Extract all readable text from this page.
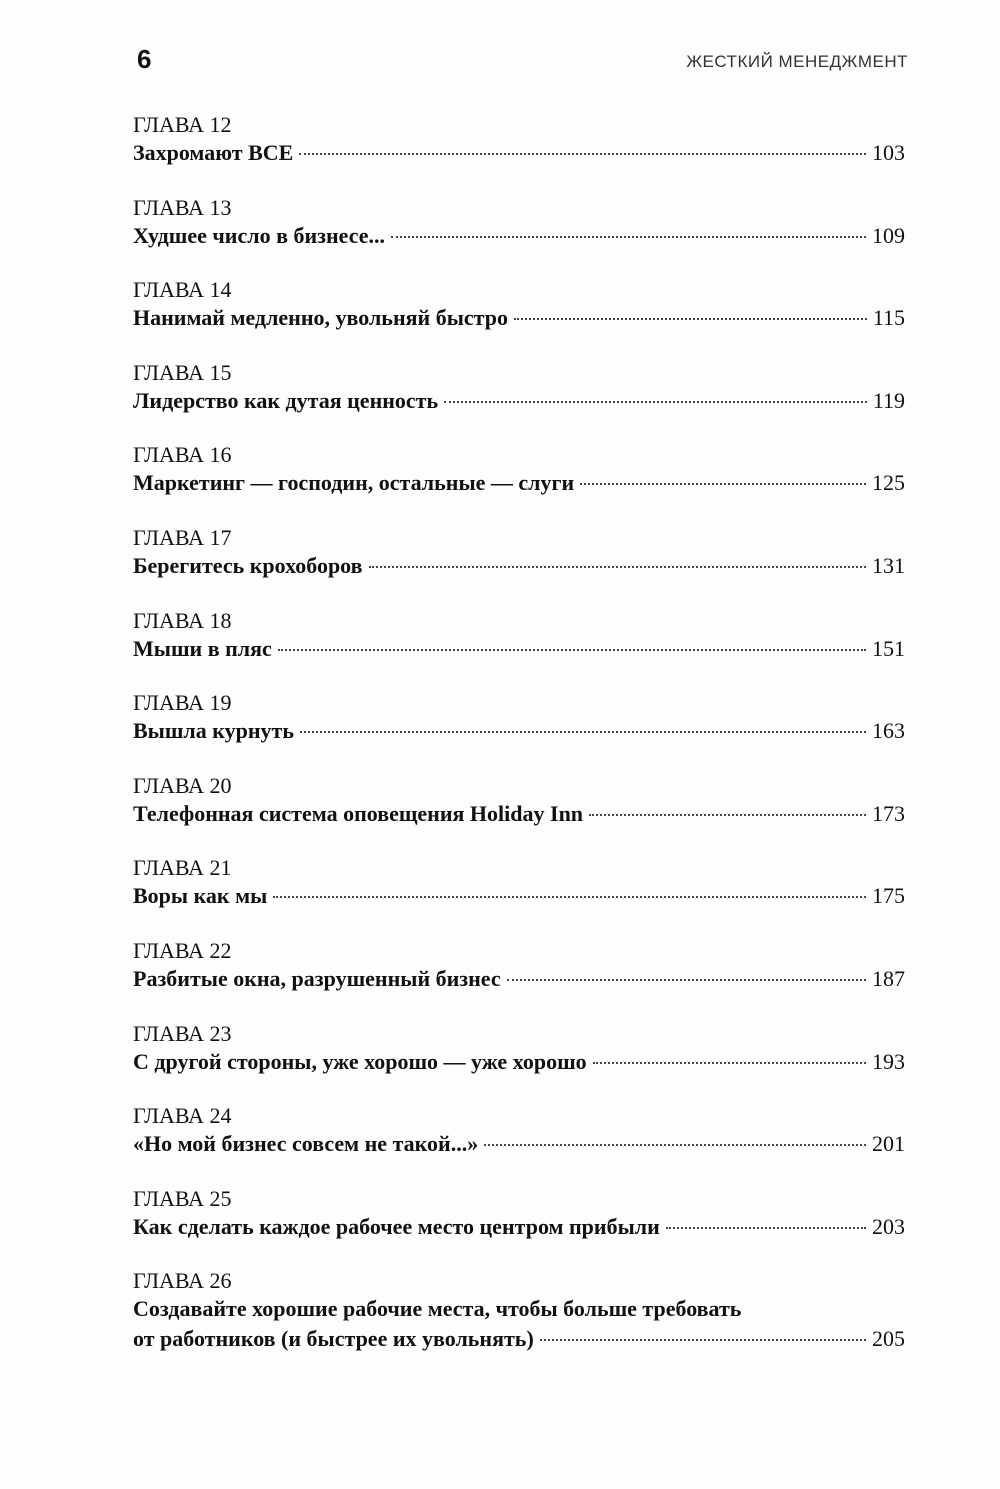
6	ЖЕСТКИЙ МЕНЕДЖМЕНТ
ГЛАВА 12
Захромают ВСЕ	103
ГЛАВА 13
Худшее число в бизнесе...	109
ГЛАВА 14
Нанимай медленно, увольняй быстро	115
ГЛАВА 15
Лидерство как дутая ценность	119
ГЛАВА 16
Маркетинг — господин, остальные — слуги	125
ГЛАВА 17
Берегитесь крохоборов	131
ГЛАВА 18
Мыши в пляс	151
ГЛАВА 19
Вышла курнуть	163
ГЛАВА 20
Телефонная система оповещения Holiday Inn	173
ГЛАВА 21
Воры как мы	175
ГЛАВА 22
Разбитые окна, разрушенный бизнес	187
ГЛАВА 23
С другой стороны, уже хорошо — уже хорошо	193
ГЛАВА 24
«Но мой бизнес совсем не такой...»	201
ГЛАВА 25
Как сделать каждое рабочее место центром прибыли	203
ГЛАВА 26
Создавайте хорошие рабочие места, чтобы больше требовать
от работников (и быстрее их увольнять)	205
